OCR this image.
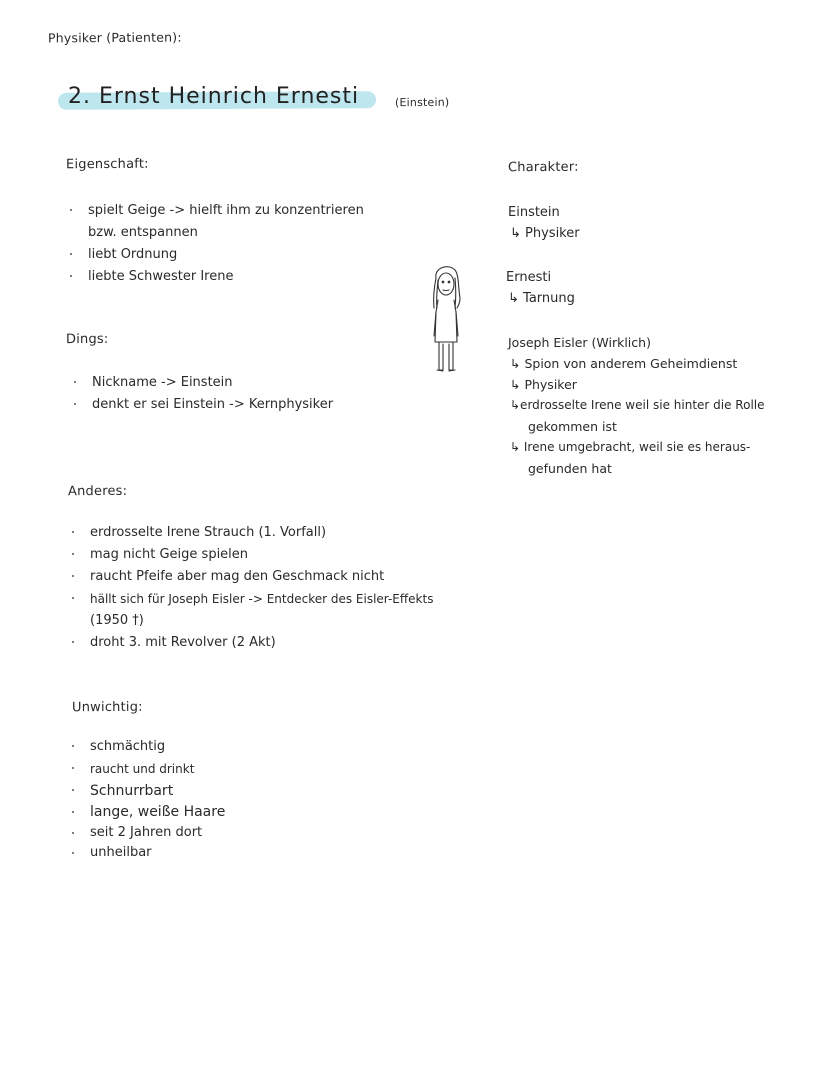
Physiker (Patienten):
2. Ernst Heinrich Ernesti	(Einstein)
Eigenschaft:
spielt Geige -> hielft ihm zu konzentrieren
bzw. entspannen
liebt Ordnung
liebte Schwester Irene
Dings:
Nickname -> Einstein
denkt er sei Einstein -> Kernphysiker
Anderes:
erdrosselte Irene Strauch (1. Vorfall)
mag nicht Geige spielen
raucht Pfeife aber mag den Geschmack nicht
hällt sich für Joseph Eisler -> Entdecker des Eisler-Effekts
(1950 †)
droht 3. mit Revolver (2 Akt)
Unwichtig:
schmächtig
raucht und drinkt
Schnurrbart
lange, weiße Haare
seit 2 Jahren dort
unheilbar
Charakter:
Einstein
↳ Physiker
Ernesti
↳ Tarnung
Joseph Eisler (Wirklich)
↳ Spion von anderem Geheimdienst
↳ Physiker
↳erdrosselte Irene weil sie hinter die Rolle
gekommen ist
↳ Irene umgebracht, weil sie es heraus-
gefunden hat
